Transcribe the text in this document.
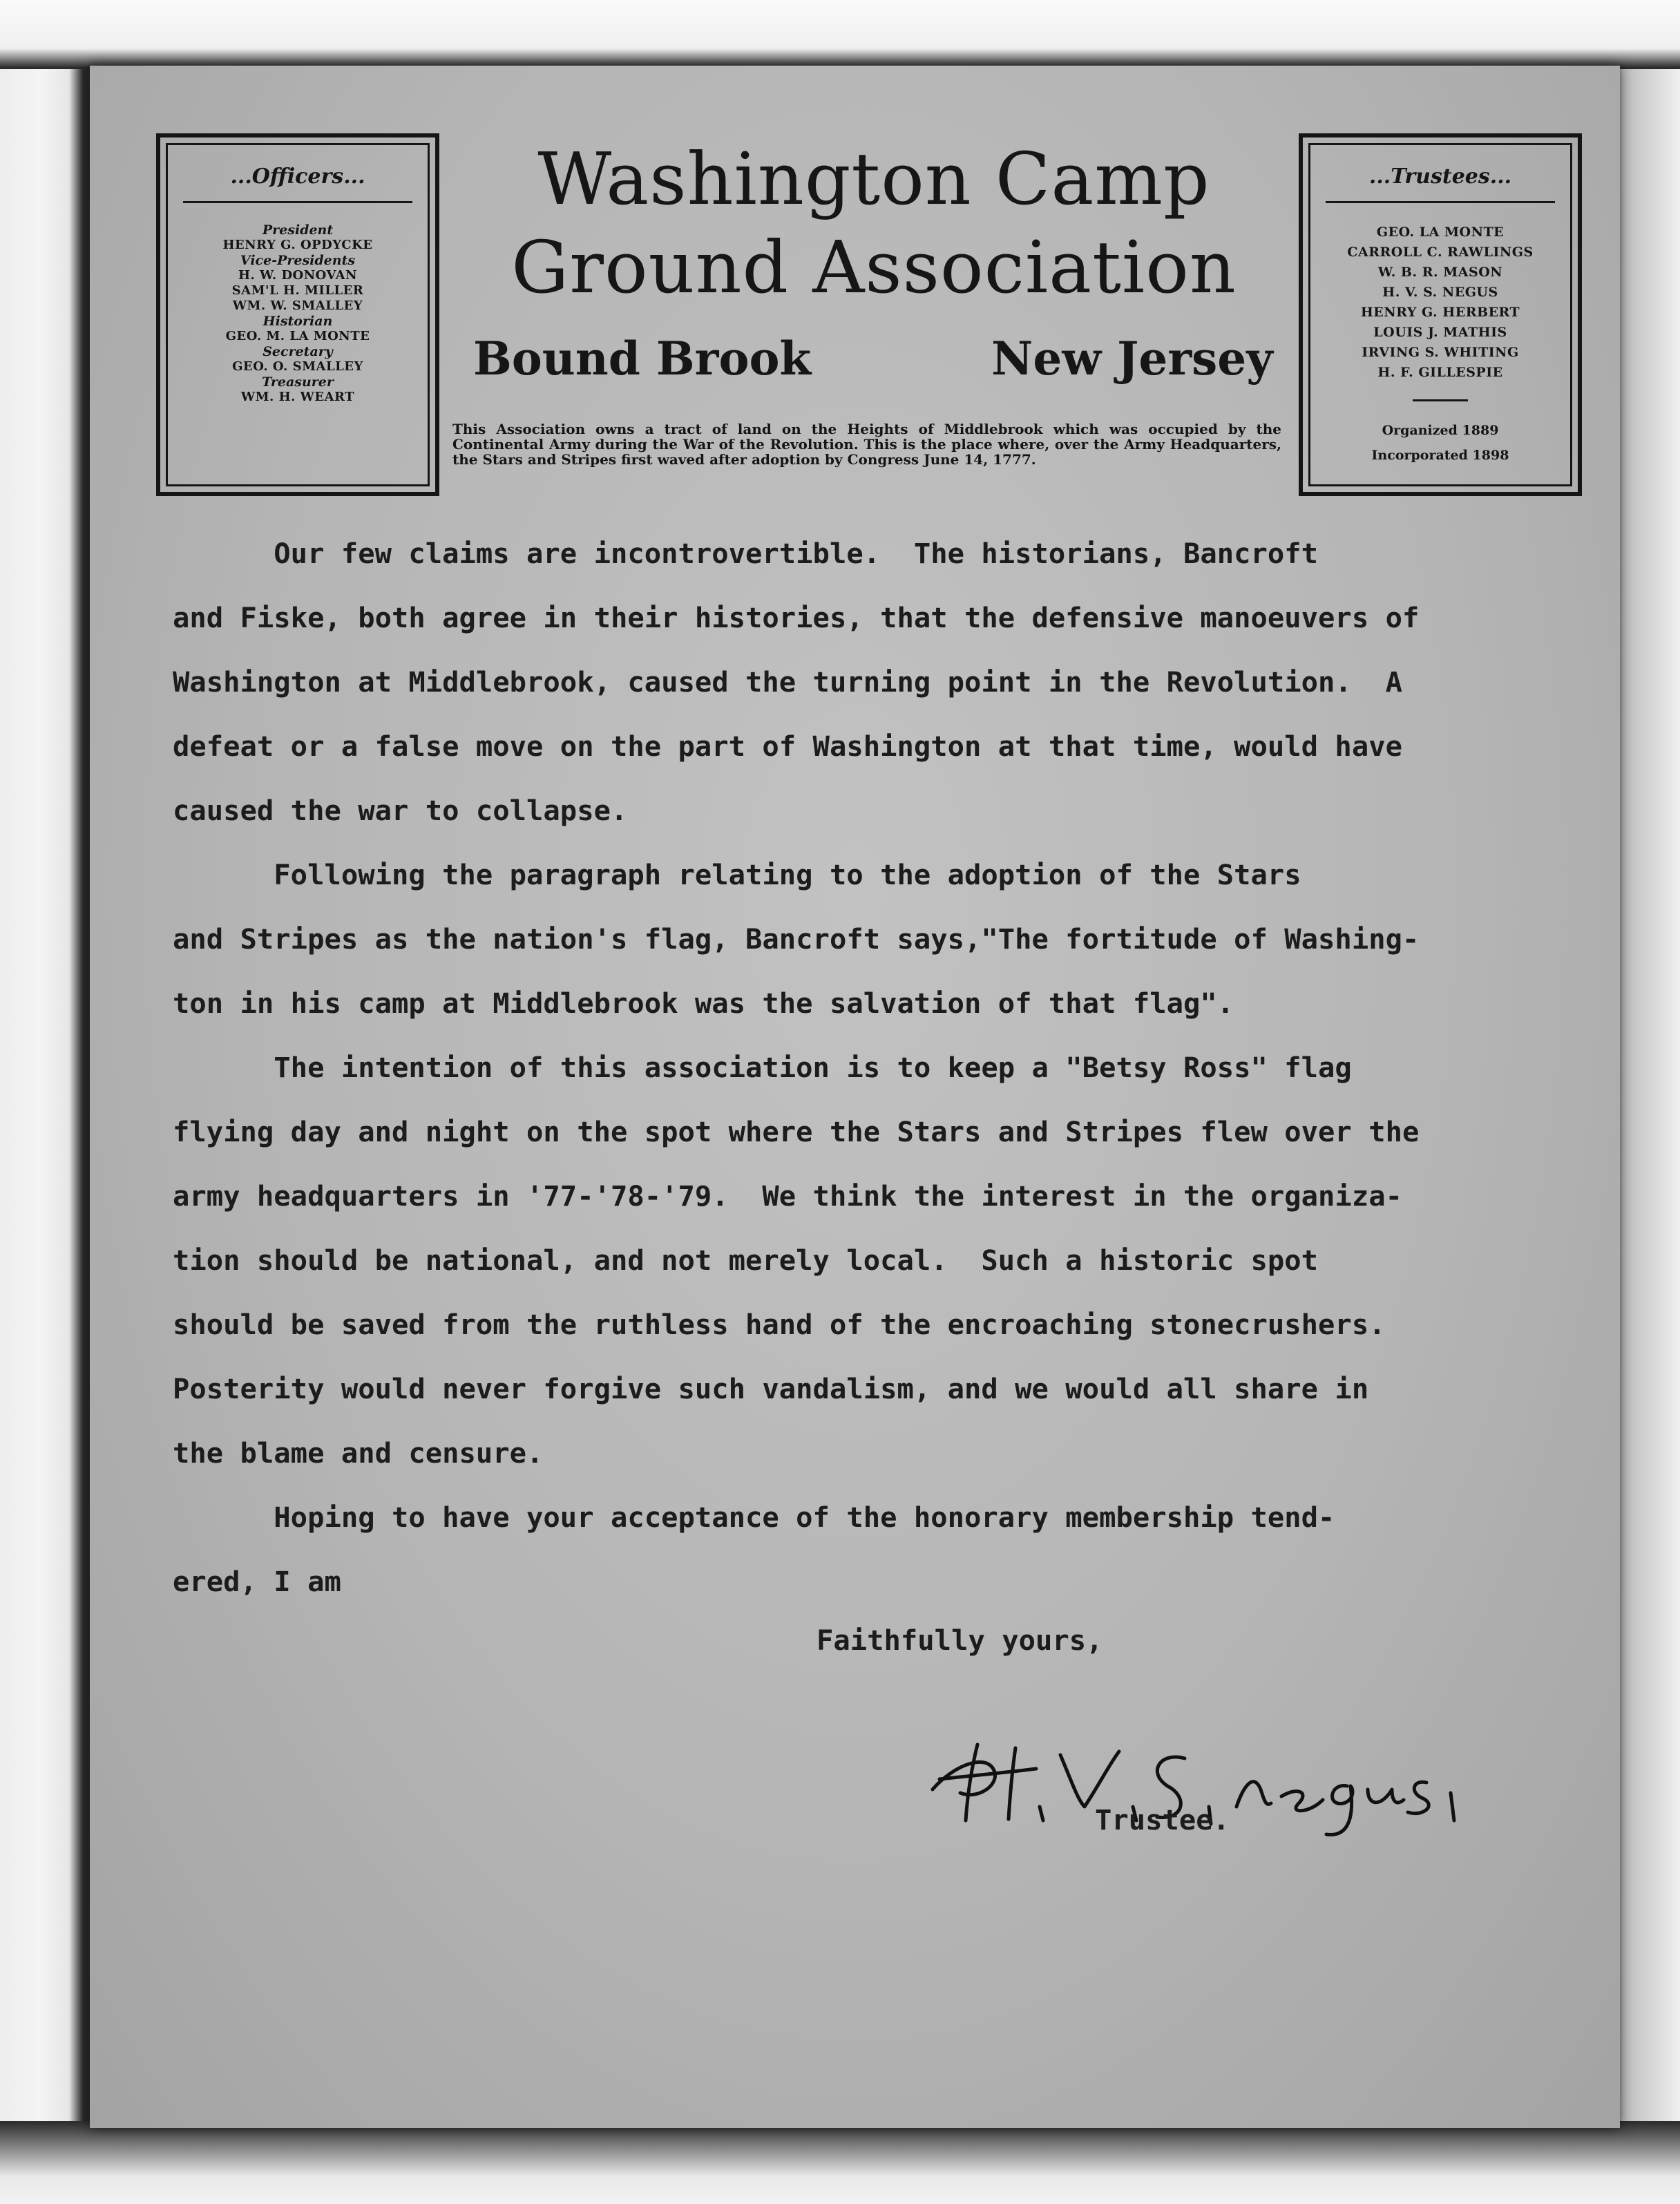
...Officers...
President
HENRY G. OPDYCKE
Vice-Presidents
H. W. DONOVAN
SAM'L H. MILLER
WM. W. SMALLEY
Historian
GEO. M. LA MONTE
Secretary
GEO. O. SMALLEY
Treasurer
WM. H. WEART
Washington Camp
Ground Association
Bound Brook	New Jersey
This Association owns a tract of land on the Heights of Middlebrook which was occupied by the Continental Army during the War of the Revolution. This is the place where, over the Army Headquarters, the Stars and Stripes first waved after adoption by Congress June 14, 1777.
...Trustees...
GEO. LA MONTE
CARROLL C. RAWLINGS
W. B. R. MASON
H. V. S. NEGUS
HENRY G. HERBERT
LOUIS J. MATHIS
IRVING S. WHITING
H. F. GILLESPIE
Organized 1889
Incorporated 1898

Our few claims are incontrovertible.  The historians, Bancroft

and Fiske, both agree in their histories, that the defensive manoeuvers of

Washington at Middlebrook, caused the turning point in the Revolution.  A

defeat or a false move on the part of Washington at that time, would have

caused the war to collapse.

Following the paragraph relating to the adoption of the Stars

and Stripes as the nation's flag, Bancroft says,"The fortitude of Washing-

ton in his camp at Middlebrook was the salvation of that flag".

The intention of this association is to keep a "Betsy Ross" flag

flying day and night on the spot where the Stars and Stripes flew over the

army headquarters in '77-'78-'79.  We think the interest in the organiza-

tion should be national, and not merely local.  Such a historic spot

should be saved from the ruthless hand of the encroaching stonecrushers.

Posterity would never forgive such vandalism, and we would all share in

the blame and censure.

Hoping to have your acceptance of the honorary membership tend-

ered, I am

Faithfully yours,
Trustee.
